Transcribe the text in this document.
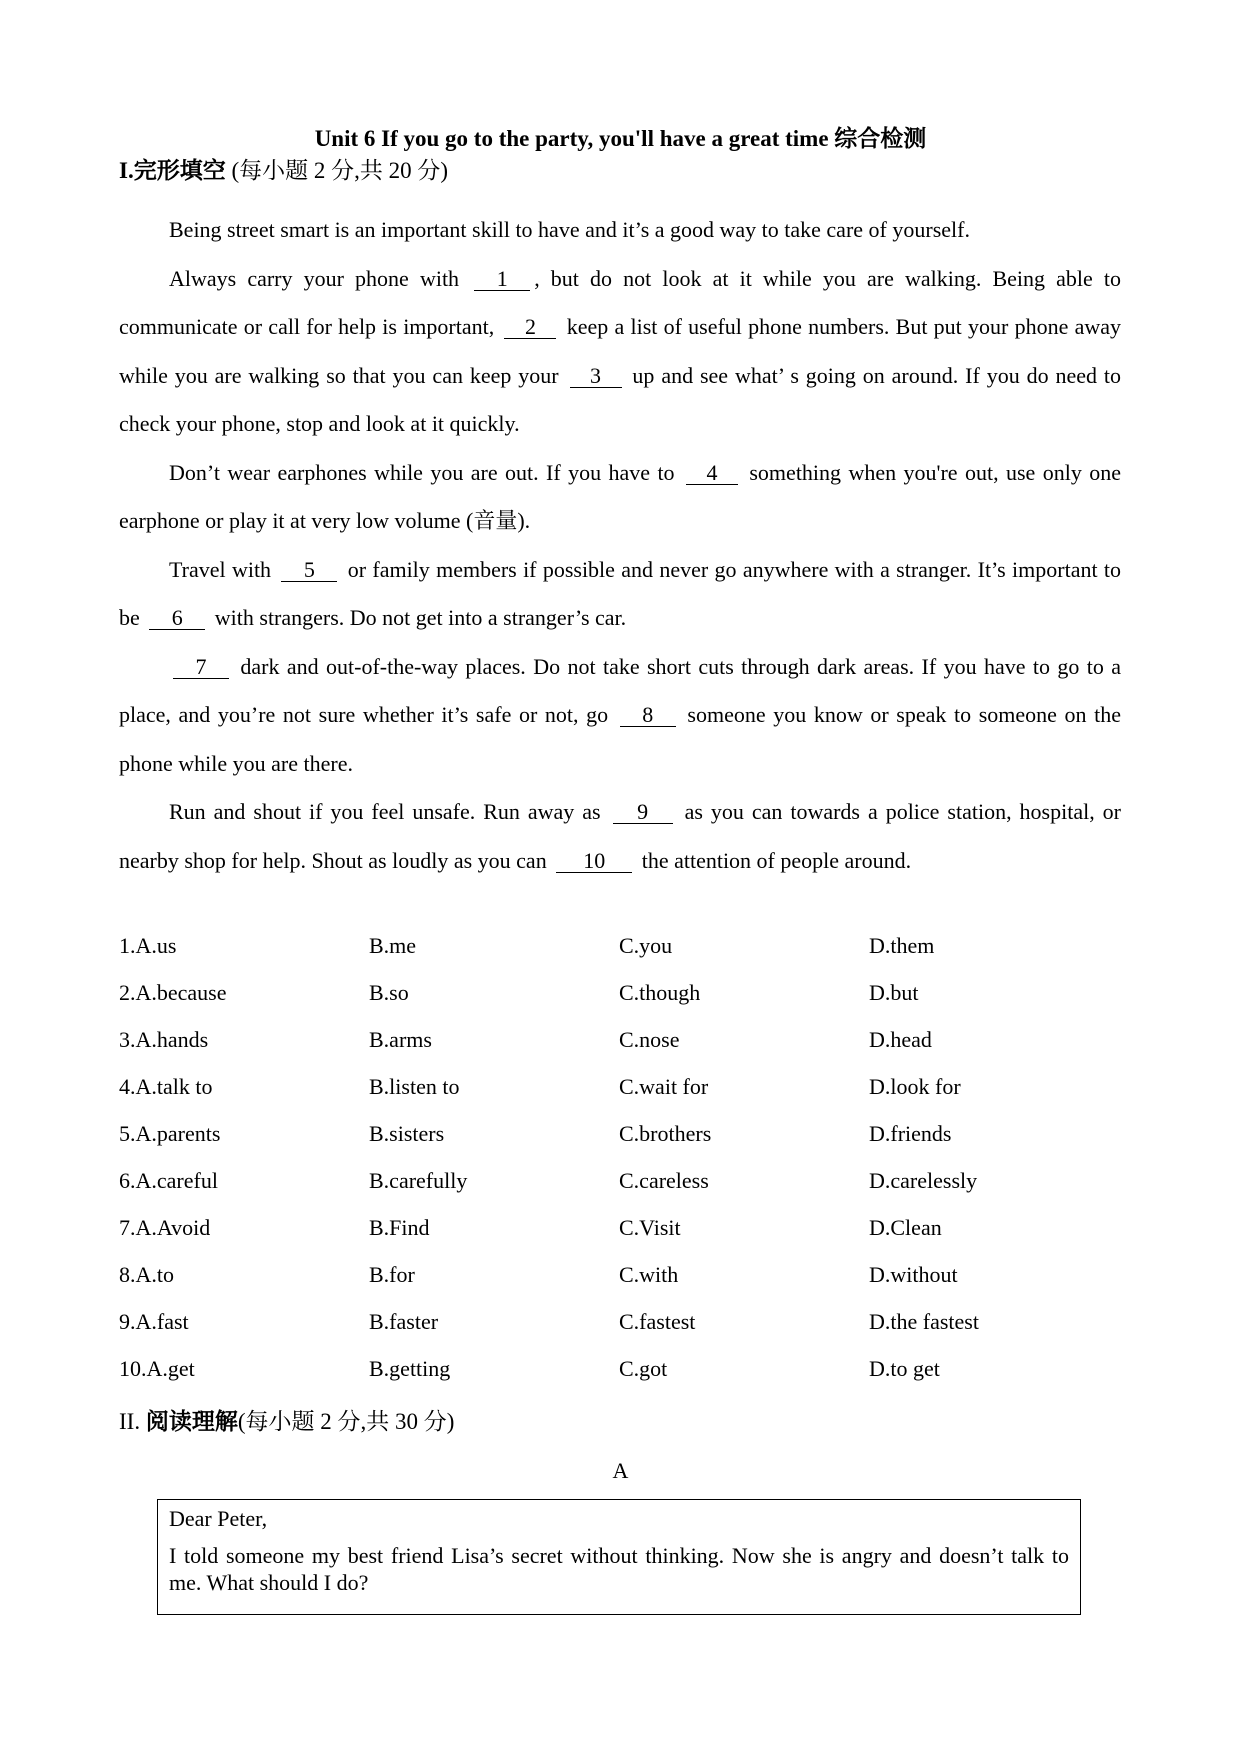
Unit 6 If you go to the party, you'll have a great time 综合检测
I.完形填空 (每小题 2 分,共 20 分)

Being street smart is an important skill to have and it’s a good way to take care of yourself.

Always carry your phone with 1 , but do not look at it while you are walking. Being able to communicate or call for help is important, 2 keep a list of useful phone numbers. But put your phone away while you are walking so that you can keep your 3 up and see what’ s going on around. If you do need to check your phone, stop and look at it quickly.

Don’t wear earphones while you are out. If you have to 4 something when you're out, use only one earphone or play it at very low volume (音量).

Travel with 5 or family members if possible and never go anywhere with a stranger. It’s important to be 6 with strangers. Do not get into a stranger’s car.

7 dark and out-of-the-way places. Do not take short cuts through dark areas. If you have to go to a place, and you’re not sure whether it’s safe or not, go 8 someone you know or speak to someone on the phone while you are there.

Run and shout if you feel unsafe. Run away as 9 as you can towards a police station, hospital, or nearby shop for help. Shout as loudly as you can 10 the attention of people around.

1.A.us	B.me	C.you	D.them
2.A.because	B.so	C.though	D.but
3.A.hands	B.arms	C.nose	D.head
4.A.talk to	B.listen to	C.wait for	D.look for
5.A.parents	B.sisters	C.brothers	D.friends
6.A.careful	B.carefully	C.careless	D.carelessly
7.A.Avoid	B.Find	C.Visit	D.Clean
8.A.to	B.for	C.with	D.without
9.A.fast	B.faster	C.fastest	D.the fastest
10.A.get	B.getting	C.got	D.to get
II. 阅读理解(每小题 2 分,共 30 分)
A

Dear Peter,

I told someone my best friend Lisa’s secret without thinking. Now she is angry and doesn’t talk to me. What should I do?
